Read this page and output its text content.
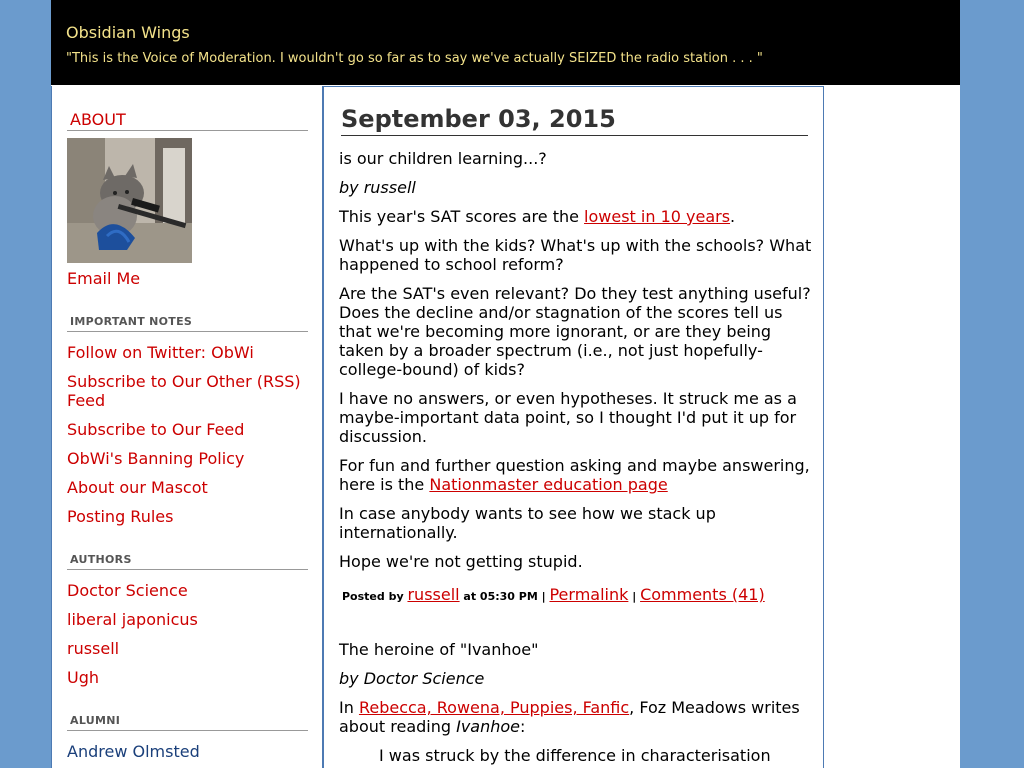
Obsidian Wings

"This is the Voice of Moderation. I wouldn't go so far as to say we've actually SEIZED the radio station . . . "

ABOUT
Email Me
IMPORTANT NOTES
Follow on Twitter: ObWi
Subscribe to Our Other (RSS) Feed
Subscribe to Our Feed
ObWi's Banning Policy
About our Mascot
Posting Rules
AUTHORS
Doctor Science
liberal japonicus
russell
Ugh
ALUMNI
Andrew Olmsted
September 03, 2015

is our children learning...?

by russell

This year's SAT scores are the lowest in 10 years.

What's up with the kids? What's up with the schools? What happened to school reform?

Are the SAT's even relevant? Do they test anything useful? Does the decline and/or stagnation of the scores tell us that we're becoming more ignorant, or are they being taken by a broader spectrum (i.e., not just hopefully-college-bound) of kids?

I have no answers, or even hypotheses. It struck me as a maybe-important data point, so I thought I'd put it up for discussion.

For fun and further question asking and maybe answering, here is the Nationmaster education page

In case anybody wants to see how we stack up internationally.

Hope we're not getting stupid.

Posted by russell at 05:30 PM | Permalink | Comments (41)

The heroine of "Ivanhoe"

by Doctor Science

In Rebecca, Rowena, Puppies, Fanfic, Foz Meadows writes about reading Ivanhoe:

I was struck by the difference in characterisation
